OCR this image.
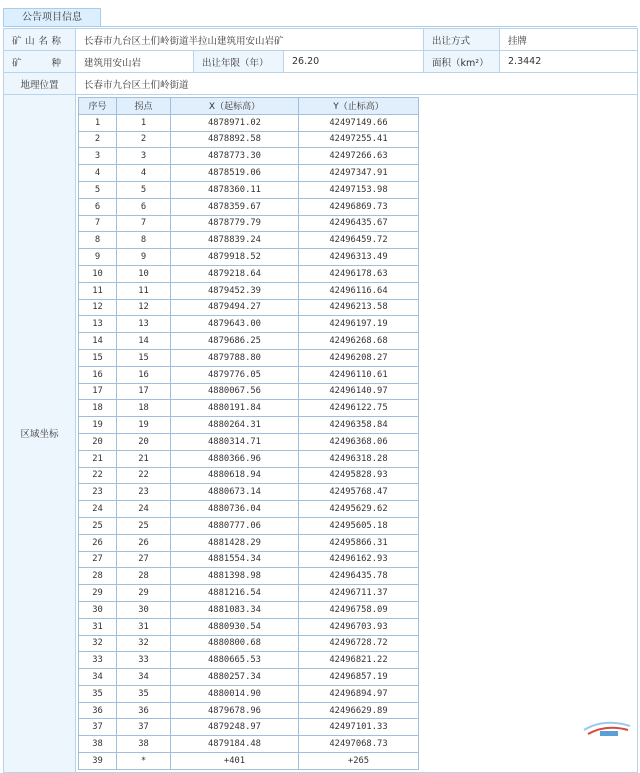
公告项目信息
矿山名称	长春市九台区土们岭街道半拉山建筑用安山岩矿	出让方式	挂牌
矿　　种	建筑用安山岩	出让年限（年）	26.20	面积（km²）	2.3442
地理位置	长春市九台区土们岭街道
区域坐标	
序号	拐点	X（起标高）	Y（止标高）
1	1	4878971.02	42497149.66
2	2	4878892.58	42497255.41
3	3	4878773.30	42497266.63
4	4	4878519.06	42497347.91
5	5	4878360.11	42497153.98
6	6	4878359.67	42496869.73
7	7	4878779.79	42496435.67
8	8	4878839.24	42496459.72
9	9	4879918.52	42496313.49
10	10	4879218.64	42496178.63
11	11	4879452.39	42496116.64
12	12	4879494.27	42496213.58
13	13	4879643.00	42496197.19
14	14	4879686.25	42496268.68
15	15	4879788.80	42496208.27
16	16	4879776.05	42496110.61
17	17	4880067.56	42496140.97
18	18	4880191.84	42496122.75
19	19	4880264.31	42496358.84
20	20	4880314.71	42496368.06
21	21	4880366.96	42496318.28
22	22	4880618.94	42495828.93
23	23	4880673.14	42495768.47
24	24	4880736.04	42495629.62
25	25	4880777.06	42495605.18
26	26	4881428.29	42495866.31
27	27	4881554.34	42496162.93
28	28	4881398.98	42496435.78
29	29	4881216.54	42496711.37
30	30	4881083.34	42496758.09
31	31	4880930.54	42496703.93
32	32	4880800.68	42496728.72
33	33	4880665.53	42496821.22
34	34	4880257.34	42496857.19
35	35	4880014.90	42496894.97
36	36	4879678.96	42496629.89
37	37	4879248.97	42497101.33
38	38	4879184.48	42497068.73
39	*	+401	+265
